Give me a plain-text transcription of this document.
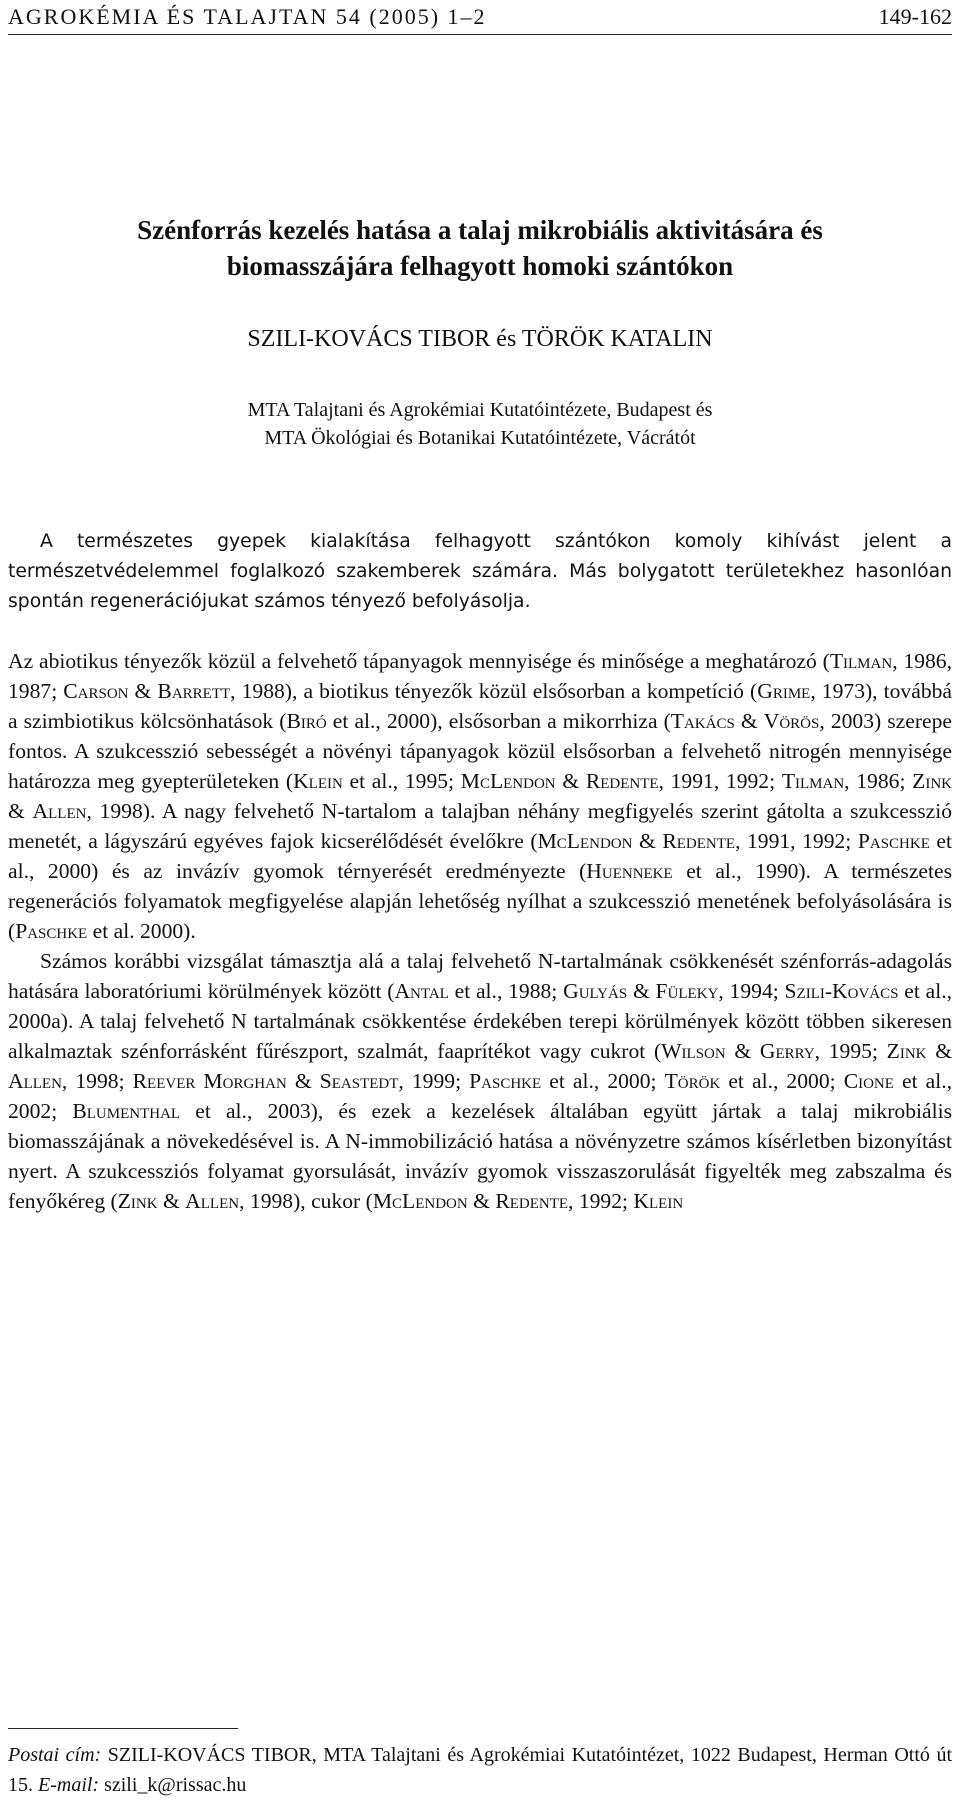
AGROKÉMIA ÉS TALAJTAN 54 (2005) 1–2	149-162
Szénforrás kezelés hatása a talaj mikrobiális aktivitására és
biomasszájára felhagyott homoki szántókon
SZILI-KOVÁCS TIBOR és TÖRÖK KATALIN
MTA Talajtani és Agrokémiai Kutatóintézete, Budapest és
MTA Ökológiai és Botanikai Kutatóintézete, Vácrátót

A természetes gyepek kialakítása felhagyott szántókon komoly kihívást jelent a természetvédelemmel foglalkozó szakemberek számára. Más bolygatott területekhez hasonlóan spontán regenerációjukat számos tényező befolyásolja.

Az abiotikus tényezők közül a felvehető tápanyagok mennyisége és minősége a meghatározó (Tilman, 1986, 1987; Carson & Barrett, 1988), a biotikus tényezők közül elsősorban a kompetíció (Grime, 1973), továbbá a szimbiotikus kölcsönhatások (Biró et al., 2000), elsősorban a mikorrhiza (Takács & Vörös, 2003) szerepe fontos. A szukcesszió sebességét a növényi tápanyagok közül elsősorban a felvehető nitrogén mennyisége határozza meg gyepterületeken (Klein et al., 1995; McLendon & Redente, 1991, 1992; Tilman, 1986; Zink & Allen, 1998). A nagy felvehető N-tartalom a talajban néhány megfigyelés szerint gátolta a szukcesszió menetét, a lágyszárú egyéves fajok kicserélődését évelőkre (McLendon & Redente, 1991, 1992; Paschke et al., 2000) és az invázív gyomok térnyerését eredményezte (Huenneke et al., 1990). A természetes regenerációs folyamatok megfigyelése alapján lehetőség nyílhat a szukcesszió menetének befolyásolására is (Paschke et al. 2000).

Számos korábbi vizsgálat támasztja alá a talaj felvehető N-tartalmának csökkenését szénforrás-adagolás hatására laboratóriumi körülmények között (Antal et al., 1988; Gulyás & Füleky, 1994; Szili-Kovács et al., 2000a). A talaj felvehető N tartalmának csökkentése érdekében terepi körülmények között többen sikeresen alkalmaztak szénforrásként fűrészport, szalmát, faaprítékot vagy cukrot (Wilson & Gerry, 1995; Zink & Allen, 1998; Reever Morghan & Seastedt, 1999; Paschke et al., 2000; Török et al., 2000; Cione et al., 2002; Blumenthal et al., 2003), és ezek a kezelések általában együtt jártak a talaj mikrobiális biomasszájának a növekedésével is. A N-immobilizáció hatása a növényzetre számos kísérletben bizonyítást nyert. A szukcessziós folyamat gyorsulását, invázív gyomok visszaszorulását figyelték meg zabszalma és fenyőkéreg (Zink & Allen, 1998), cukor (McLendon & Redente, 1992; Klein

Postai cím: SZILI-KOVÁCS TIBOR, MTA Talajtani és Agrokémiai Kutatóintézet, 1022 Budapest, Herman Ottó út 15. E-mail: szili_k@rissac.hu
